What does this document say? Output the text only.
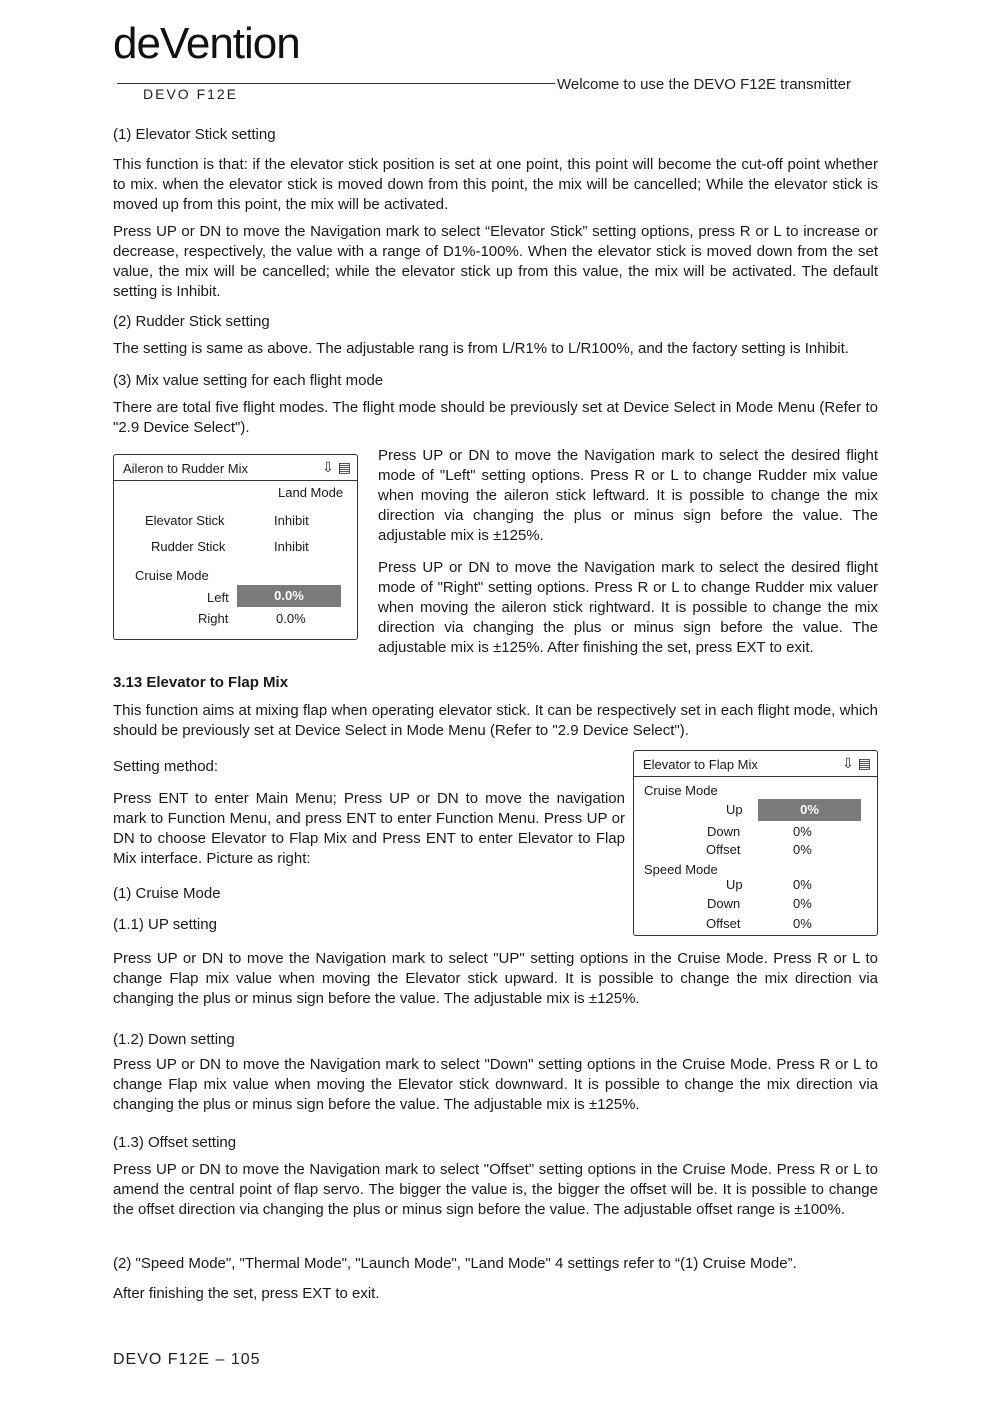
deVention
DEVO F12E
Welcome to use the DEVO F12E transmitter

(1) Elevator Stick setting

This function is that: if the elevator stick position is set at one point, this point will become the cut-off point whether to mix. when the elevator stick is moved down from this point, the mix will be cancelled; While the elevator stick is moved up from this point, the mix will be activated.

Press UP or DN to move the Navigation mark to select “Elevator Stick” setting options, press R or L to increase or decrease, respectively, the value with a range of D1%-100%. When the elevator stick is moved down from the set value, the mix will be cancelled; while the elevator stick up from this value, the mix will be activated. The default setting is Inhibit.

(2) Rudder Stick setting

The setting is same as above. The adjustable rang is from L/R1% to L/R100%, and the factory setting is Inhibit.

(3) Mix value setting for each flight mode

There are total five flight modes. The flight mode should be previously set at Device Select in Mode Menu (Refer to "2.9 Device Select").

Press UP or DN to move the Navigation mark to select the desired flight mode of "Left" setting options. Press R or L to change Rudder mix value when moving the aileron stick leftward. It is possible to change the mix direction via changing the plus or minus sign before the value. The adjustable mix is ±125%.

Press UP or DN to move the Navigation mark to select the desired flight mode of "Right" setting options. Press R or L to change Rudder mix valuer when moving the aileron stick rightward. It is possible to change the mix direction via changing the plus or minus sign before the value. The adjustable mix is ±125%. After finishing the set, press EXT to exit.

Aileron to Rudder Mix	⇩ ▤
Land Mode
Elevator Stick	Inhibit
Rudder Stick	Inhibit
Cruise Mode
Left	0.0%
Right	0.0%

3.13 Elevator to Flap Mix

This function aims at mixing flap when operating elevator stick. It can be respectively set in each flight mode, which should be previously set at Device Select in Mode Menu (Refer to "2.9 Device Select").

Setting method:

Press ENT to enter Main Menu; Press UP or DN to move the navigation mark to Function Menu, and press ENT to enter Function Menu. Press UP or DN to choose Elevator to Flap Mix and Press ENT to enter Elevator to Flap Mix interface. Picture as right:

(1) Cruise Mode

(1.1) UP setting

Elevator to Flap Mix	⇩ ▤
Cruise Mode
Up	0%
Down	0%
Offset	0%
Speed Mode
Up	0%
Down	0%
Offset	0%

Press UP or DN to move the Navigation mark to select "UP" setting options in the Cruise Mode. Press R or L to change Flap mix value when moving the Elevator stick upward. It is possible to change the mix direction via changing the plus or minus sign before the value. The adjustable mix is ±125%.

(1.2) Down setting

Press UP or DN to move the Navigation mark to select "Down" setting options in the Cruise Mode. Press R or L to change Flap mix value when moving the Elevator stick downward. It is possible to change the mix direction via changing the plus or minus sign before the value. The adjustable mix is ±125%.

(1.3) Offset setting

Press UP or DN to move the Navigation mark to select "Offset" setting options in the Cruise Mode. Press R or L to amend the central point of flap servo. The bigger the value is, the bigger the offset will be. It is possible to change the offset direction via changing the plus or minus sign before the value. The adjustable offset range is ±100%.

(2) "Speed Mode", "Thermal Mode", "Launch Mode", "Land Mode" 4 settings refer to “(1) Cruise Mode”.

After finishing the set, press EXT to exit.

DEVO F12E – 105
